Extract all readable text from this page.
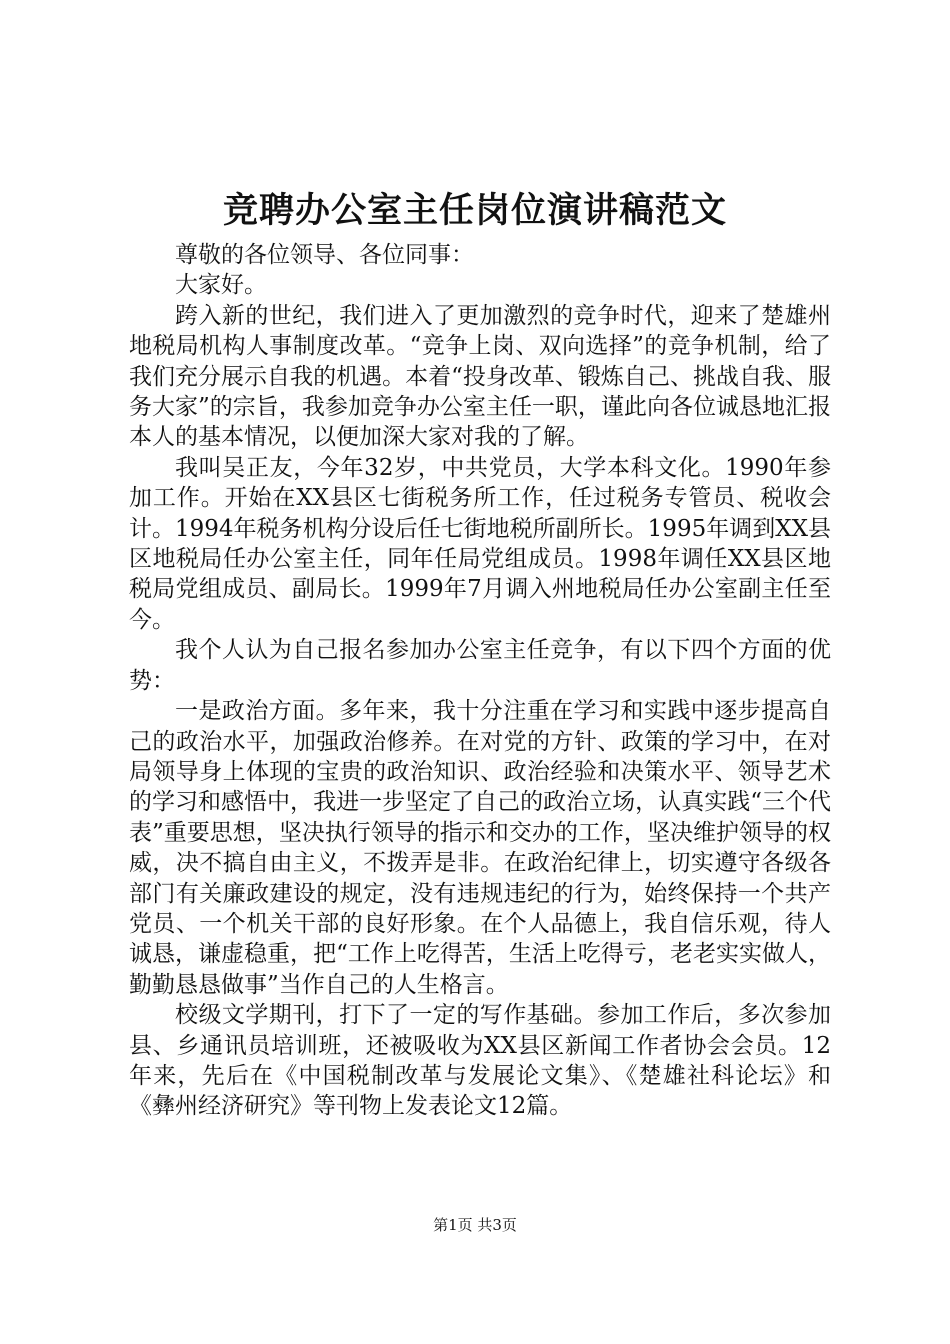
竞聘办公室主任岗位演讲稿范文

尊敬的各位领导、各位同事：

大家好。

跨入新的世纪，我们进入了更加激烈的竞争时代，迎来了楚雄州地税局机构人事制度改革。“竞争上岗、双向选择”的竞争机制，给了我们充分展示自我的机遇。本着“投身改革、锻炼自己、挑战自我、服务大家”的宗旨，我参加竞争办公室主任一职，谨此向各位诚恳地汇报本人的基本情况，以便加深大家对我的了解。

我叫吴正友，今年32岁，中共党员，大学本科文化。1990年参加工作。开始在XX县区七街税务所工作，任过税务专管员、税收会计。1994年税务机构分设后任七街地税所副所长。1995年调到XX县区地税局任办公室主任，同年任局党组成员。1998年调任XX县区地税局党组成员、副局长。1999年7月调入州地税局任办公室副主任至今。

我个人认为自己报名参加办公室主任竞争，有以下四个方面的优势：

一是政治方面。多年来，我十分注重在学习和实践中逐步提高自己的政治水平，加强政治修养。在对党的方针、政策的学习中，在对局领导身上体现的宝贵的政治知识、政治经验和决策水平、领导艺术的学习和感悟中，我进一步坚定了自己的政治立场，认真实践“三个代表”重要思想，坚决执行领导的指示和交办的工作，坚决维护领导的权威，决不搞自由主义，不拨弄是非。在政治纪律上，切实遵守各级各部门有关廉政建设的规定，没有违规违纪的行为，始终保持一个共产党员、一个机关干部的良好形象。在个人品德上，我自信乐观，待人诚恳，谦虚稳重，把“工作上吃得苦，生活上吃得亏，老老实实做人，勤勤恳恳做事”当作自己的人生格言。

校级文学期刊，打下了一定的写作基础。参加工作后，多次参加县、乡通讯员培训班，还被吸收为XX县区新闻工作者协会会员。12年来，先后在《中国税制改革与发展论文集》、《楚雄社科论坛》和《彝州经济研究》等刊物上发表论文12篇。

第1页 共3页
